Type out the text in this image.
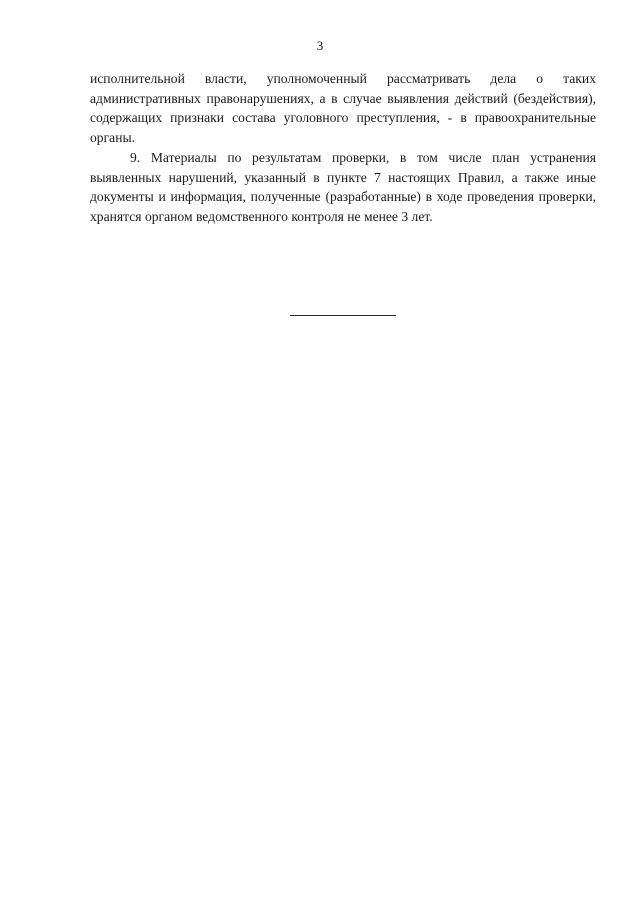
3

исполнительной власти, уполномоченный рассматривать дела о таких административных правонарушениях, а в случае выявления действий (бездействия), содержащих признаки состава уголовного преступления, - в правоохранительные органы.

9. Материалы по результатам проверки, в том числе план устранения выявленных нарушений, указанный в пункте 7 настоящих Правил, а также иные документы и информация, полученные (разработанные) в ходе проведения проверки, хранятся органом ведомственного контроля не менее 3 лет.
